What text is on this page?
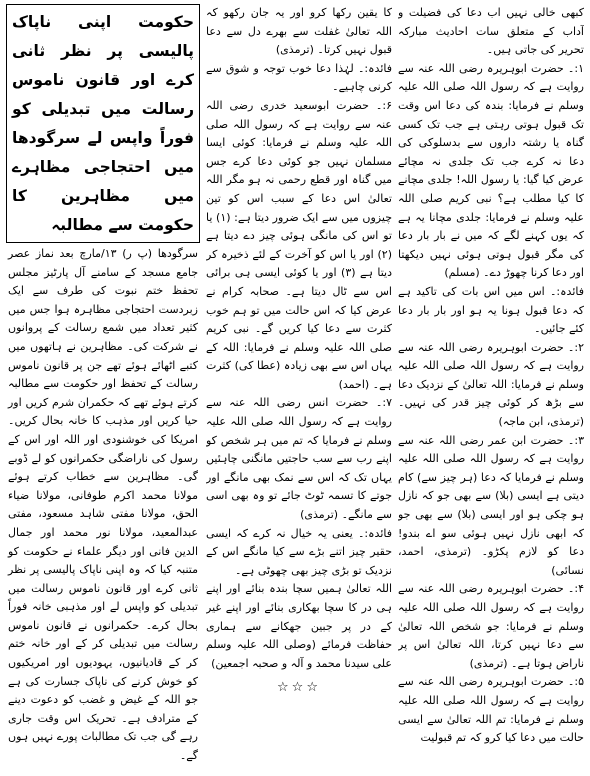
کبھی خالی نہیں اب دعا کی فضیلت و آداب کے متعلق سات احادیث مبارکہ تحریر کی جاتی ہیں۔

۱:۔ حضرت ابوہریرہ رضی اللہ عنہ سے روایت ہے کہ رسول اللہ صلی اللہ علیہ وسلم نے فرمایا: بندہ کی دعا اس وقت تک قبول ہوتی رہتی ہے جب تک کسی گناہ یا رشتہ داروں سے بدسلوکی کی دعا نہ کرے جب تک جلدی نہ مچائے عرض کیا گیا: یا رسول اللہ! جلدی مچانے کا کیا مطلب ہے؟ نبی کریم صلی اللہ علیہ وسلم نے فرمایا: جلدی مچانا یہ ہے کہ یوں کہنے لگے کہ میں نے بار بار دعا کی مگر قبول ہوتی ہوئی نہیں دیکھتا اور دعا کرنا چھوڑ دے۔ (مسلم)

فائدہ:۔ اس میں اس بات کی تاکید ہے کہ دعا قبول ہونا یہ ہو اور بار بار دعا کئے جائیں۔

۲:۔ حضرت ابوہریرہ رضی اللہ عنہ سے روایت ہے کہ رسول اللہ صلی اللہ علیہ وسلم نے فرمایا: اللہ تعالیٰ کے نزدیک دعا سے بڑھ کر کوئی چیز قدر کی نہیں۔ (ترمذی، ابن ماجہ)

۳:۔ حضرت ابن عمر رضی اللہ عنہ سے روایت ہے کہ رسول اللہ صلی اللہ علیہ وسلم نے فرمایا کہ دعا (ہر چیز سے) کام دیتی ہے ایسی (بلا) سے بھی جو کہ نازل ہو چکی ہو اور ایسی (بلا) سے بھی جو کہ ابھی نازل نہیں ہوئی سو اے بندو! دعا کو لازم پکڑو۔ (ترمذی، احمد، نسائی)

۴:۔ حضرت ابوہریرہ رضی اللہ عنہ سے روایت ہے کہ رسول اللہ صلی اللہ علیہ وسلم نے فرمایا: جو شخص اللہ تعالیٰ سے دعا نہیں کرتا، اللہ تعالیٰ اس پر ناراض ہوتا ہے۔ (ترمذی)

۵:۔ حضرت ابوہریرہ رضی اللہ عنہ سے روایت ہے کہ رسول اللہ صلی اللہ علیہ وسلم نے فرمایا: تم اللہ تعالیٰ سے ایسی حالت میں دعا کیا کرو کہ تم قبولیت

کا یقین رکھا کرو اور یہ جان رکھو کہ اللہ تعالیٰ غفلت سے بھرے دل سے دعا قبول نہیں کرتا۔ (ترمذی)

فائدہ:۔ لہٰذا دعا خوب توجہ و شوق سے کرنی چاہیے۔

۶:۔ حضرت ابوسعید خدری رضی اللہ عنہ سے روایت ہے کہ رسول اللہ صلی اللہ علیہ وسلم نے فرمایا: کوئی ایسا مسلمان نہیں جو کوئی دعا کرے جس میں گناہ اور قطع رحمی نہ ہو مگر اللہ تعالیٰ اس دعا کے سبب اس کو تین چیزوں میں سے ایک ضرور دیتا ہے: (۱) یا تو اس کی مانگی ہوئی چیز دے دیتا ہے (۲) اور یا اس کو آخرت کے لئے ذخیرہ کر دیتا ہے (۳) اور یا کوئی ایسی ہی برائی اس سے ٹال دیتا ہے۔ صحابہ کرام نے عرض کیا کہ اس حالت میں تو ہم خوب کثرت سے دعا کیا کریں گے۔ نبی کریم صلی اللہ علیہ وسلم نے فرمایا: اللہ کے یہاں اس سے بھی زیادہ (عطا کی) کثرت ہے۔ (احمد)

۷:۔ حضرت انس رضی اللہ عنہ سے روایت ہے کہ رسول اللہ صلی اللہ علیہ وسلم نے فرمایا کہ تم میں ہر شخص کو اپنے رب سے سب حاجتیں مانگنی چاہئیں یہاں تک کہ اس سے نمک بھی مانگے اور جوتے کا تسمہ ٹوٹ جائے تو وہ بھی اسی سے مانگے۔ (ترمذی)

فائدہ:۔ یعنی یہ خیال نہ کرے کہ ایسی حقیر چیز اتنے بڑے سے کیا مانگے اس کے نزدیک تو بڑی چیز بھی چھوٹی ہے۔

اللہ تعالیٰ ہمیں سچا بندہ بنائے اور اپنے ہی در کا سچا بھکاری بنائے اور اپنے غیر کے در پر جبین جھکانے سے ہماری حفاظت فرمائے (وصلی اللہ علیہ وسلم علی سیدنا محمد و آلہ و صحبہ اجمعین)

☆☆☆
حکومت اپنی ناپاک پالیسی پر نظر ثانی کرے اور قانون ناموس رسالت میں تبدیلی کو فوراً واپس لے سرگودھا میں احتجاجی مظاہرے میں مظاہرین کا حکومت سے مطالبہ
سرگودھا (پ ر) ۱۳/مارچ بعد نماز عصر جامع مسجد کے سامنے آل پارٹیز مجلس تحفظ ختم نبوت کی طرف سے ایک زبردست احتجاجی مظاہرہ ہوا جس میں کثیر تعداد میں شمع رسالت کے پروانوں نے شرکت کی۔ مظاہرین نے ہاتھوں میں کتبے اٹھائے ہوئے تھے جن پر قانون ناموس رسالت کے تحفظ اور حکومت سے مطالبہ کرتے ہوئے تھے کہ حکمران شرم کریں اور حیا کریں اور مذہب کا خانہ بحال کریں۔ امریکا کی خوشنودی اور اللہ اور اس کے رسول کی ناراضگی حکمرانوں کو لے ڈوبے گی۔ مظاہرین سے خطاب کرتے ہوئے مولانا محمد اکرم طوفانی، مولانا ضیاء الحق، مولانا مفتی شاہد مسعود، مفتی عبدالمعید، مولانا نور محمد اور جمال الدین فانی اور دیگر علماء نے حکومت کو متنبہ کیا کہ وہ اپنی ناپاک پالیسی پر نظر ثانی کرے اور قانون ناموس رسالت میں تبدیلی کو واپس لے اور مذہبی خانہ فوراً بحال کرے۔ حکمرانوں نے قانون ناموس رسالت میں تبدیلی کر کے اور خانہ ختم کر کے قادیانیوں، یہودیوں اور امریکیوں کو خوش کرنے کی ناپاک جسارت کی ہے جو اللہ کے غیض و غضب کو دعوت دینے کے مترادف ہے۔ تحریک اس وقت جاری رہے گی جب تک مطالبات پورے نہیں ہوں گے۔
